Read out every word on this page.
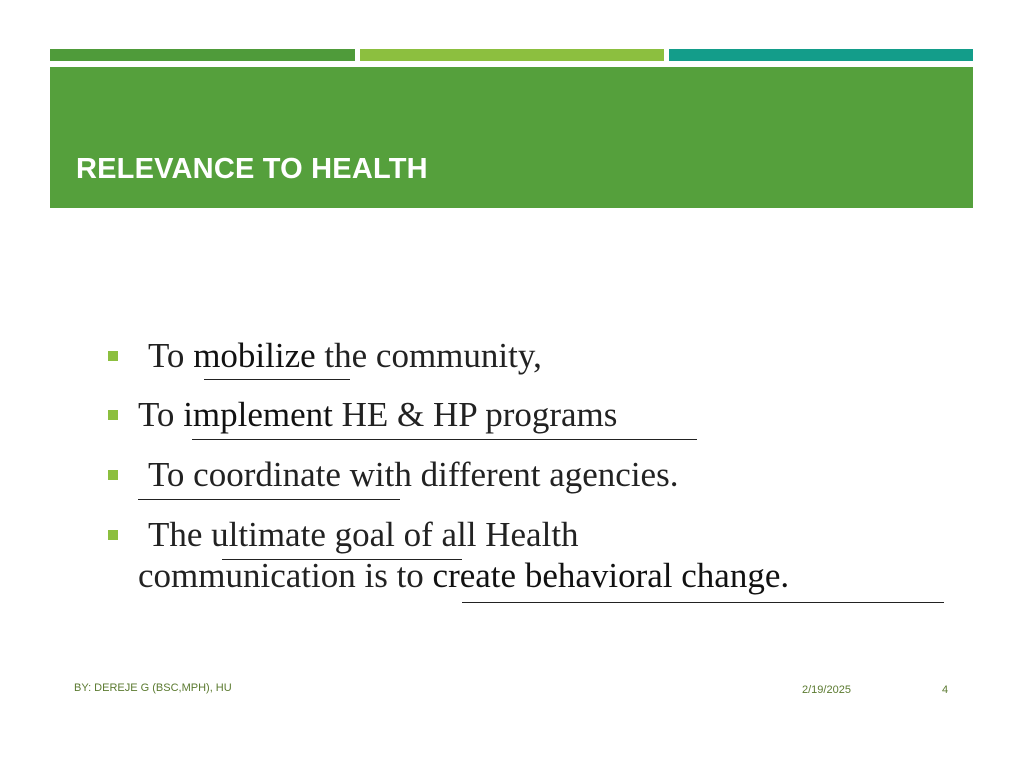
RELEVANCE TO HEALTH
To mobilize the community,
To implement HE & HP programs
To coordinate with different agencies.
The ultimate goal of all Health
communication is to create behavioral change.
BY: DEREJE G (BSC,MPH), HU	2/19/2025	4
